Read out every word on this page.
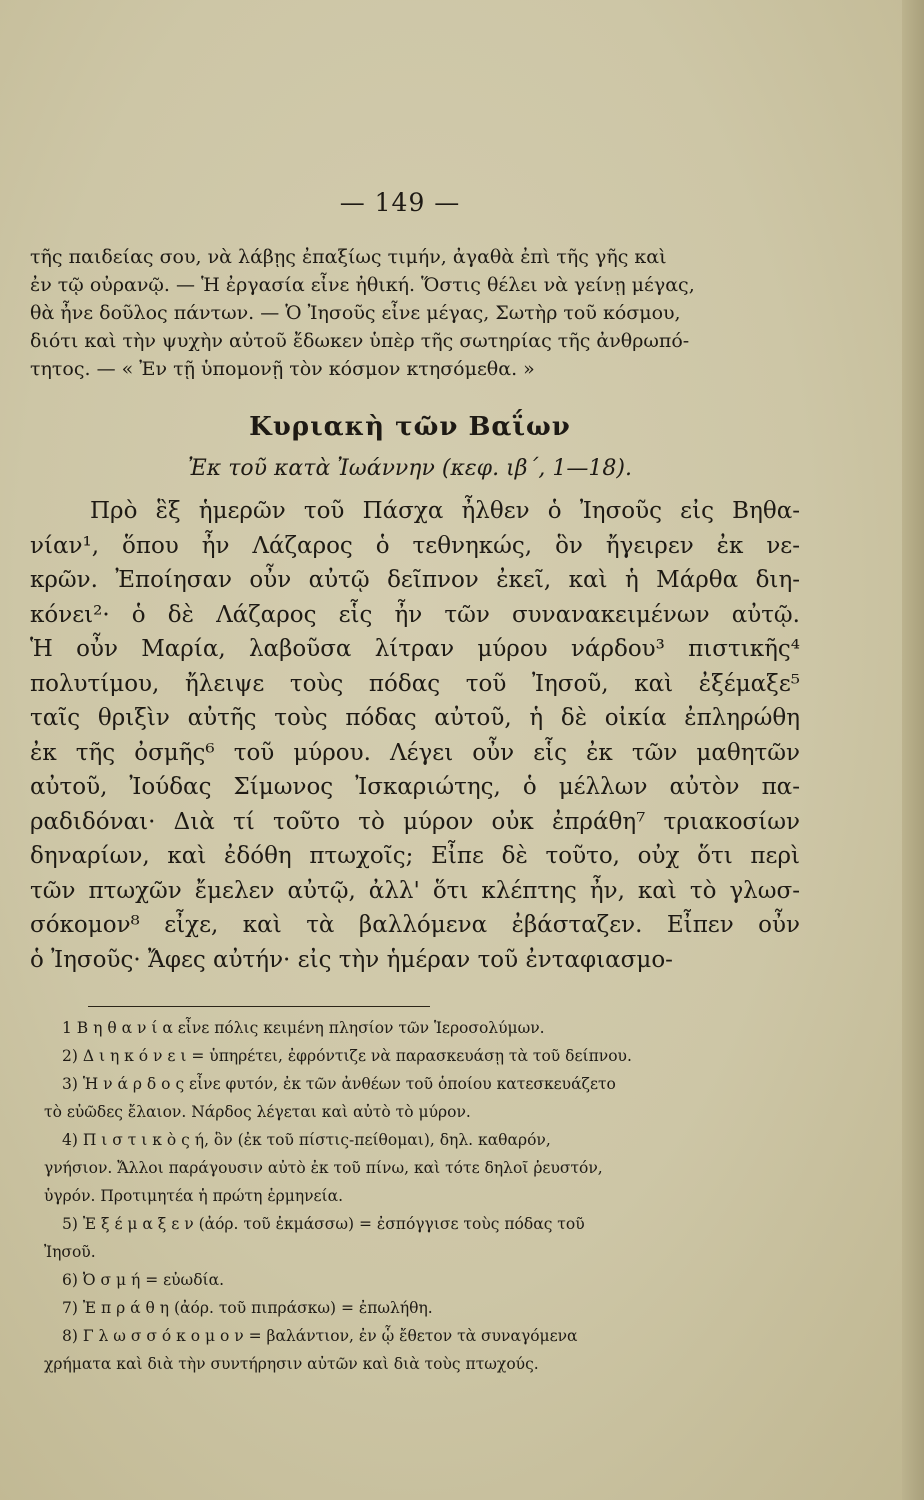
— 149 —
τῆς παιδείας σου, νὰ λάβῃς ἐπαξίως τιμήν, ἀγαθὰ ἐπὶ τῆς γῆς καὶ
ἐν τῷ οὐρανῷ. — Ἡ ἐργασία εἶνε ἠθική. Ὅστις θέλει νὰ γείνῃ μέγας,
θὰ ἦνε δοῦλος πάντων. — Ὁ Ἰησοῦς εἶνε μέγας, Σωτὴρ τοῦ κόσμου,
διότι καὶ τὴν ψυχὴν αὐτοῦ ἔδωκεν ὑπὲρ τῆς σωτηρίας τῆς ἀνθρωπό-
τητος. — « Ἐν τῇ ὑπομονῇ τὸν κόσμον κτησόμεθα. »
Κυριακὴ τῶν Βαΐων
Ἐκ τοῦ κατὰ Ἰωάννην (κεφ. ιβ΄, 1—18).
Πρὸ ἓξ ἡμερῶν τοῦ Πάσχα ἦλθεν ὁ Ἰησοῦς εἰς Βηθα-
νίαν¹, ὅπου ἦν Λάζαρος ὁ τεθνηκώς, ὃν ἤγειρεν ἐκ νε-
κρῶν. Ἐποίησαν οὖν αὐτῷ δεῖπνον ἐκεῖ, καὶ ἡ Μάρθα διη-
κόνει²· ὁ δὲ Λάζαρος εἷς ἦν τῶν συνανακειμένων αὐτῷ.
Ἡ οὖν Μαρία, λαβοῦσα λίτραν μύρου νάρδου³ πιστικῆς⁴
πολυτίμου, ἤλειψε τοὺς πόδας τοῦ Ἰησοῦ, καὶ ἐξέμαξε⁵
ταῖς θριξὶν αὐτῆς τοὺς πόδας αὐτοῦ, ἡ δὲ οἰκία ἐπληρώθη
ἐκ τῆς ὀσμῆς⁶ τοῦ μύρου. Λέγει οὖν εἷς ἐκ τῶν μαθητῶν
αὐτοῦ, Ἰούδας Σίμωνος Ἰσκαριώτης, ὁ μέλλων αὐτὸν πα-
ραδιδόναι· Διὰ τί τοῦτο τὸ μύρον οὐκ ἐπράθη⁷ τριακοσίων
δηναρίων, καὶ ἐδόθη πτωχοῖς; Εἶπε δὲ τοῦτο, οὐχ ὅτι περὶ
τῶν πτωχῶν ἔμελεν αὐτῷ, ἀλλ' ὅτι κλέπτης ἦν, καὶ τὸ γλωσ-
σόκομον⁸ εἶχε, καὶ τὰ βαλλόμενα ἐβάσταζεν. Εἶπεν οὖν
ὁ Ἰησοῦς· Ἄφες αὐτήν· εἰς τὴν ἡμέραν τοῦ ἐνταφιασμο-
1 Β η θ α ν ί α εἶνε πόλις κειμένη πλησίον τῶν Ἱεροσολύμων.
2) Δ ι η κ ό ν ε ι = ὑπηρέτει, ἐφρόντιζε νὰ παρασκευάσῃ τὰ τοῦ δείπνου.
3) Ἡ ν ά ρ δ ο ς εἶνε φυτόν, ἐκ τῶν ἀνθέων τοῦ ὁποίου κατεσκευάζετο
τὸ εὐῶδες ἔλαιον. Νάρδος λέγεται καὶ αὐτὸ τὸ μύρον.
4) Π ι σ τ ι κ ὸ ς ή, ὃν (ἐκ τοῦ πίστις-πείθομαι), δηλ. καθαρόν,
γνήσιον. Ἄλλοι παράγουσιν αὐτὸ ἐκ τοῦ πίνω, καὶ τότε δηλοῖ ῥευστόν,
ὑγρόν. Προτιμητέα ἡ πρώτη ἑρμηνεία.
5) Ἐ ξ έ μ α ξ ε ν (ἀόρ. τοῦ ἐκμάσσω) = ἐσπόγγισε τοὺς πόδας τοῦ
Ἰησοῦ.
6) Ὀ σ μ ή = εὐωδία.
7) Ἐ π ρ ά θ η (ἀόρ. τοῦ πιπράσκω) = ἐπωλήθη.
8) Γ λ ω σ σ ό κ ο μ ο ν = βαλάντιον, ἐν ᾧ ἔθετον τὰ συναγόμενα
χρήματα καὶ διὰ τὴν συντήρησιν αὐτῶν καὶ διὰ τοὺς πτωχούς.
